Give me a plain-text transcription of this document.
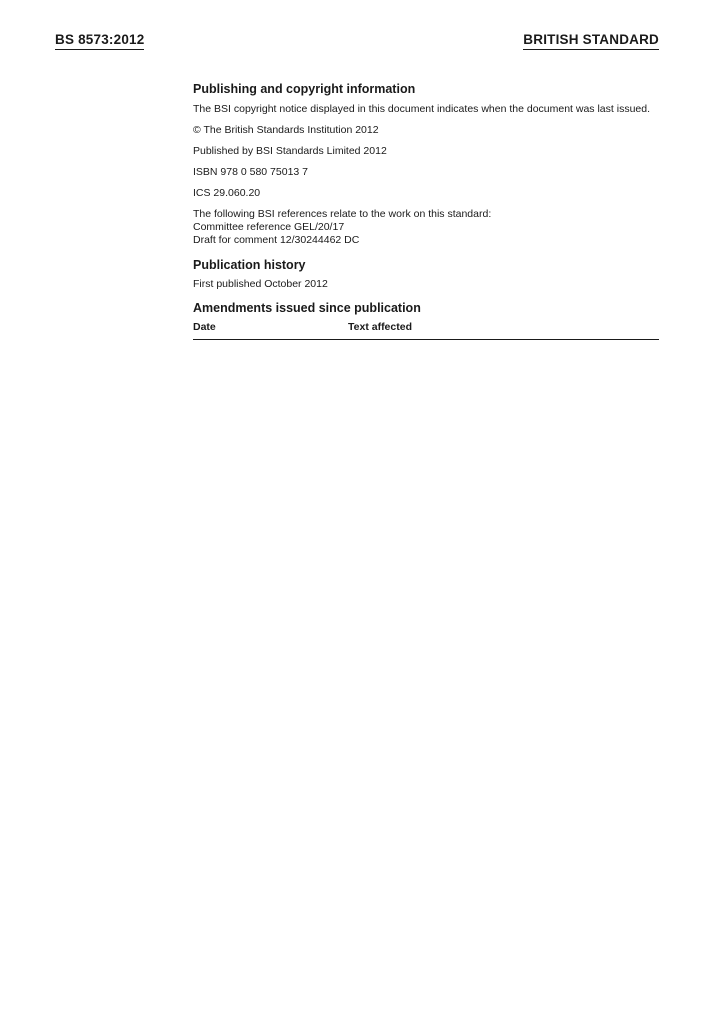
BS 8573:2012	BRITISH STANDARD
Publishing and copyright information

The BSI copyright notice displayed in this document indicates when the document was last issued.

© The British Standards Institution 2012

Published by BSI Standards Limited 2012

ISBN 978 0 580 75013 7

ICS 29.060.20

The following BSI references relate to the work on this standard:

Committee reference GEL/20/17

Draft for comment 12/30244462 DC

Publication history

First published October 2012

Amendments issued since publication
Date	Text affected
